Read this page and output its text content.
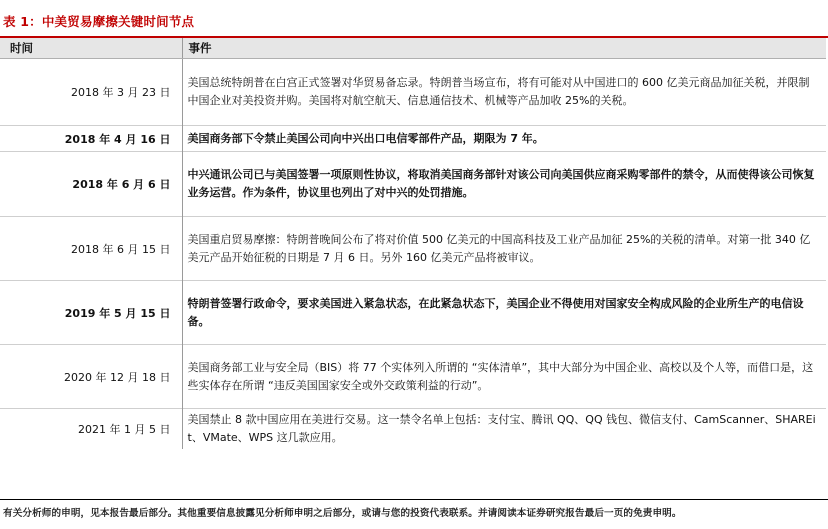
表 1：中美贸易摩擦关键时间节点
时间	事件
2018 年 3 月 23 日	美国总统特朗普在白宫正式签署对华贸易备忘录。特朗普当场宣布，将有可能对从中国进口的 600 亿美元商品加征关税，并限制中国企业对美投资并购。美国将对航空航天、信息通信技术、机械等产品加收 25%的关税。
2018 年 4 月 16 日	美国商务部下令禁止美国公司向中兴出口电信零部件产品，期限为 7 年。
2018 年 6 月 6 日	中兴通讯公司已与美国签署一项原则性协议，将取消美国商务部针对该公司向美国供应商采购零部件的禁令，从而使得该公司恢复业务运营。作为条件，协议里也列出了对中兴的处罚措施。
2018 年 6 月 15 日	美国重启贸易摩擦：特朗普晚间公布了将对价值 500 亿美元的中国高科技及工业产品加征 25%的关税的清单。对第一批 340 亿美元产品开始征税的日期是 7 月 6 日。另外 160 亿美元产品将被审议。
2019 年 5 月 15 日	特朗普签署行政命令，要求美国进入紧急状态，在此紧急状态下，美国企业不得使用对国家安全构成风险的企业所生产的电信设备。
2020 年 12 月 18 日	美国商务部工业与安全局（BIS）将 77 个实体列入所谓的 “实体清单”，其中大部分为中国企业、高校以及个人等，而借口是，这些实体存在所谓 “违反美国国家安全或外交政策利益的行动”。
2021 年 1 月 5 日	美国禁止 8 款中国应用在美进行交易。这一禁令名单上包括：支付宝、腾讯 QQ、QQ 钱包、微信支付、CamScanner、SHAREit、VMate、WPS 这几款应用。
有关分析师的申明，见本报告最后部分。其他重要信息披露见分析师申明之后部分，或请与您的投资代表联系。并请阅读本证券研究报告最后一页的免责申明。
